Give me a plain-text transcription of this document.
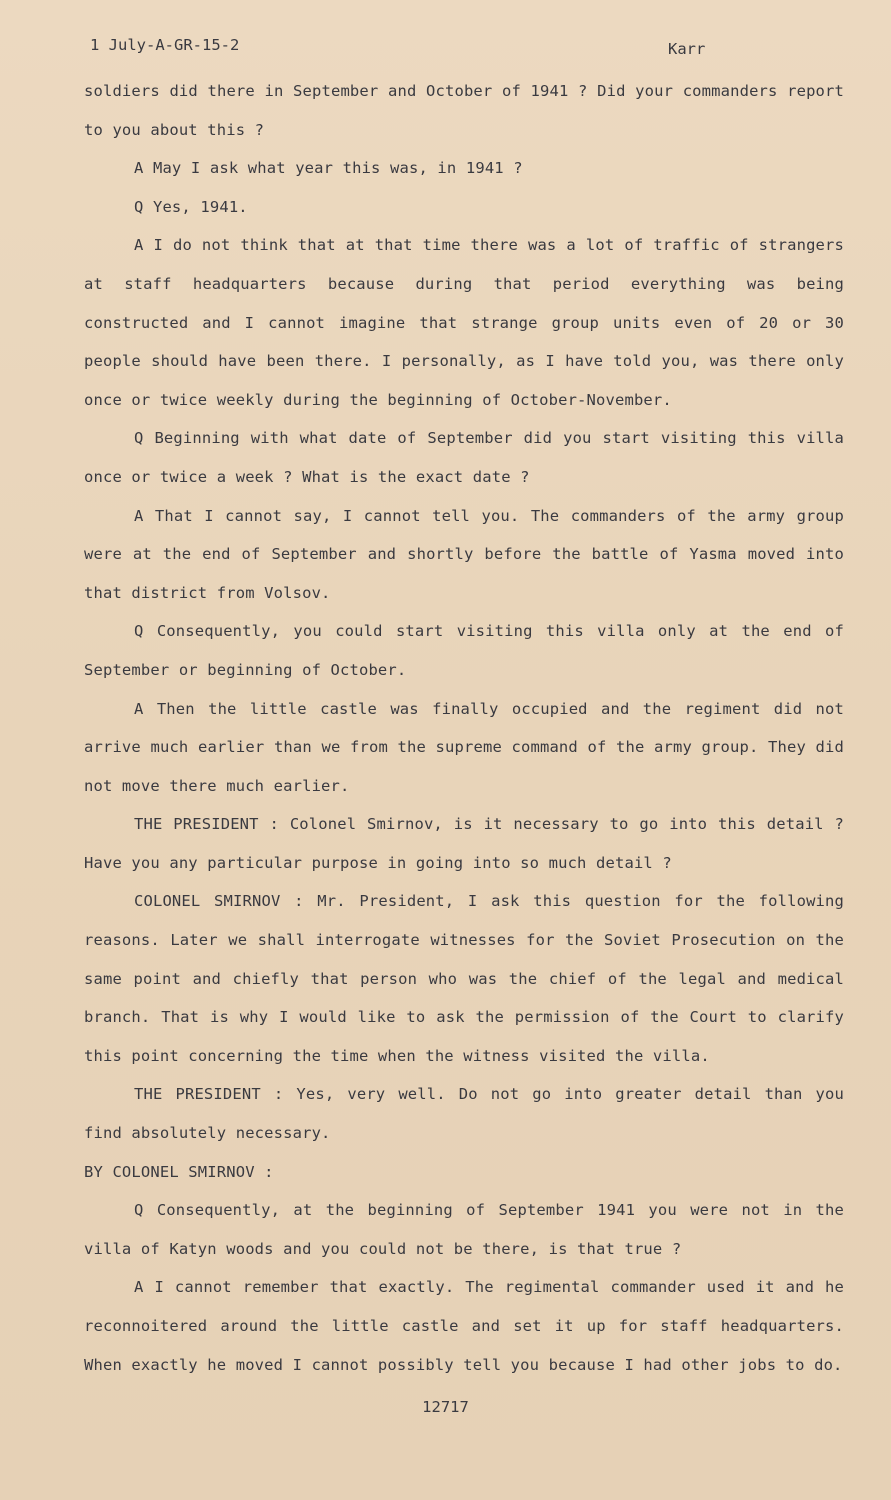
1 July-A-GR-15-2	Karr

soldiers did there in September and October of 1941 ? Did your commanders report to you about this ?

A May I ask what year this was, in 1941 ?

Q Yes, 1941.

A I do not think that at that time there was a lot of traffic of strangers at staff headquarters because during that period everything was being constructed and I cannot imagine that strange group units even of 20 or 30 people should have been there. I personally, as I have told you, was there only once or twice weekly during the beginning of October-November.

Q Beginning with what date of September did you start visiting this villa once or twice a week ? What is the exact date ?

A That I cannot say, I cannot tell you. The commanders of the army group were at the end of September and shortly before the battle of Yasma moved into that district from Volsov.

Q Consequently, you could start visiting this villa only at the end of September or beginning of October.

A Then the little castle was finally occupied and the regiment did not arrive much earlier than we from the supreme command of the army group. They did not move there much earlier.

THE PRESIDENT : Colonel Smirnov, is it necessary to go into this detail ? Have you any particular purpose in going into so much detail ?

COLONEL SMIRNOV : Mr. President, I ask this question for the following reasons. Later we shall interrogate witnesses for the Soviet Prosecution on the same point and chiefly that person who was the chief of the legal and medical branch. That is why I would like to ask the permission of the Court to clarify this point concerning the time when the witness visited the villa.

THE PRESIDENT : Yes, very well. Do not go into greater detail than you find absolutely necessary.

BY COLONEL SMIRNOV :

Q Consequently, at the beginning of September 1941 you were not in the villa of Katyn woods and you could not be there, is that true ?

A I cannot remember that exactly. The regimental commander used it and he reconnoitered around the little castle and set it up for staff headquarters. When exactly he moved I cannot possibly tell you because I had other jobs to do.

12717
